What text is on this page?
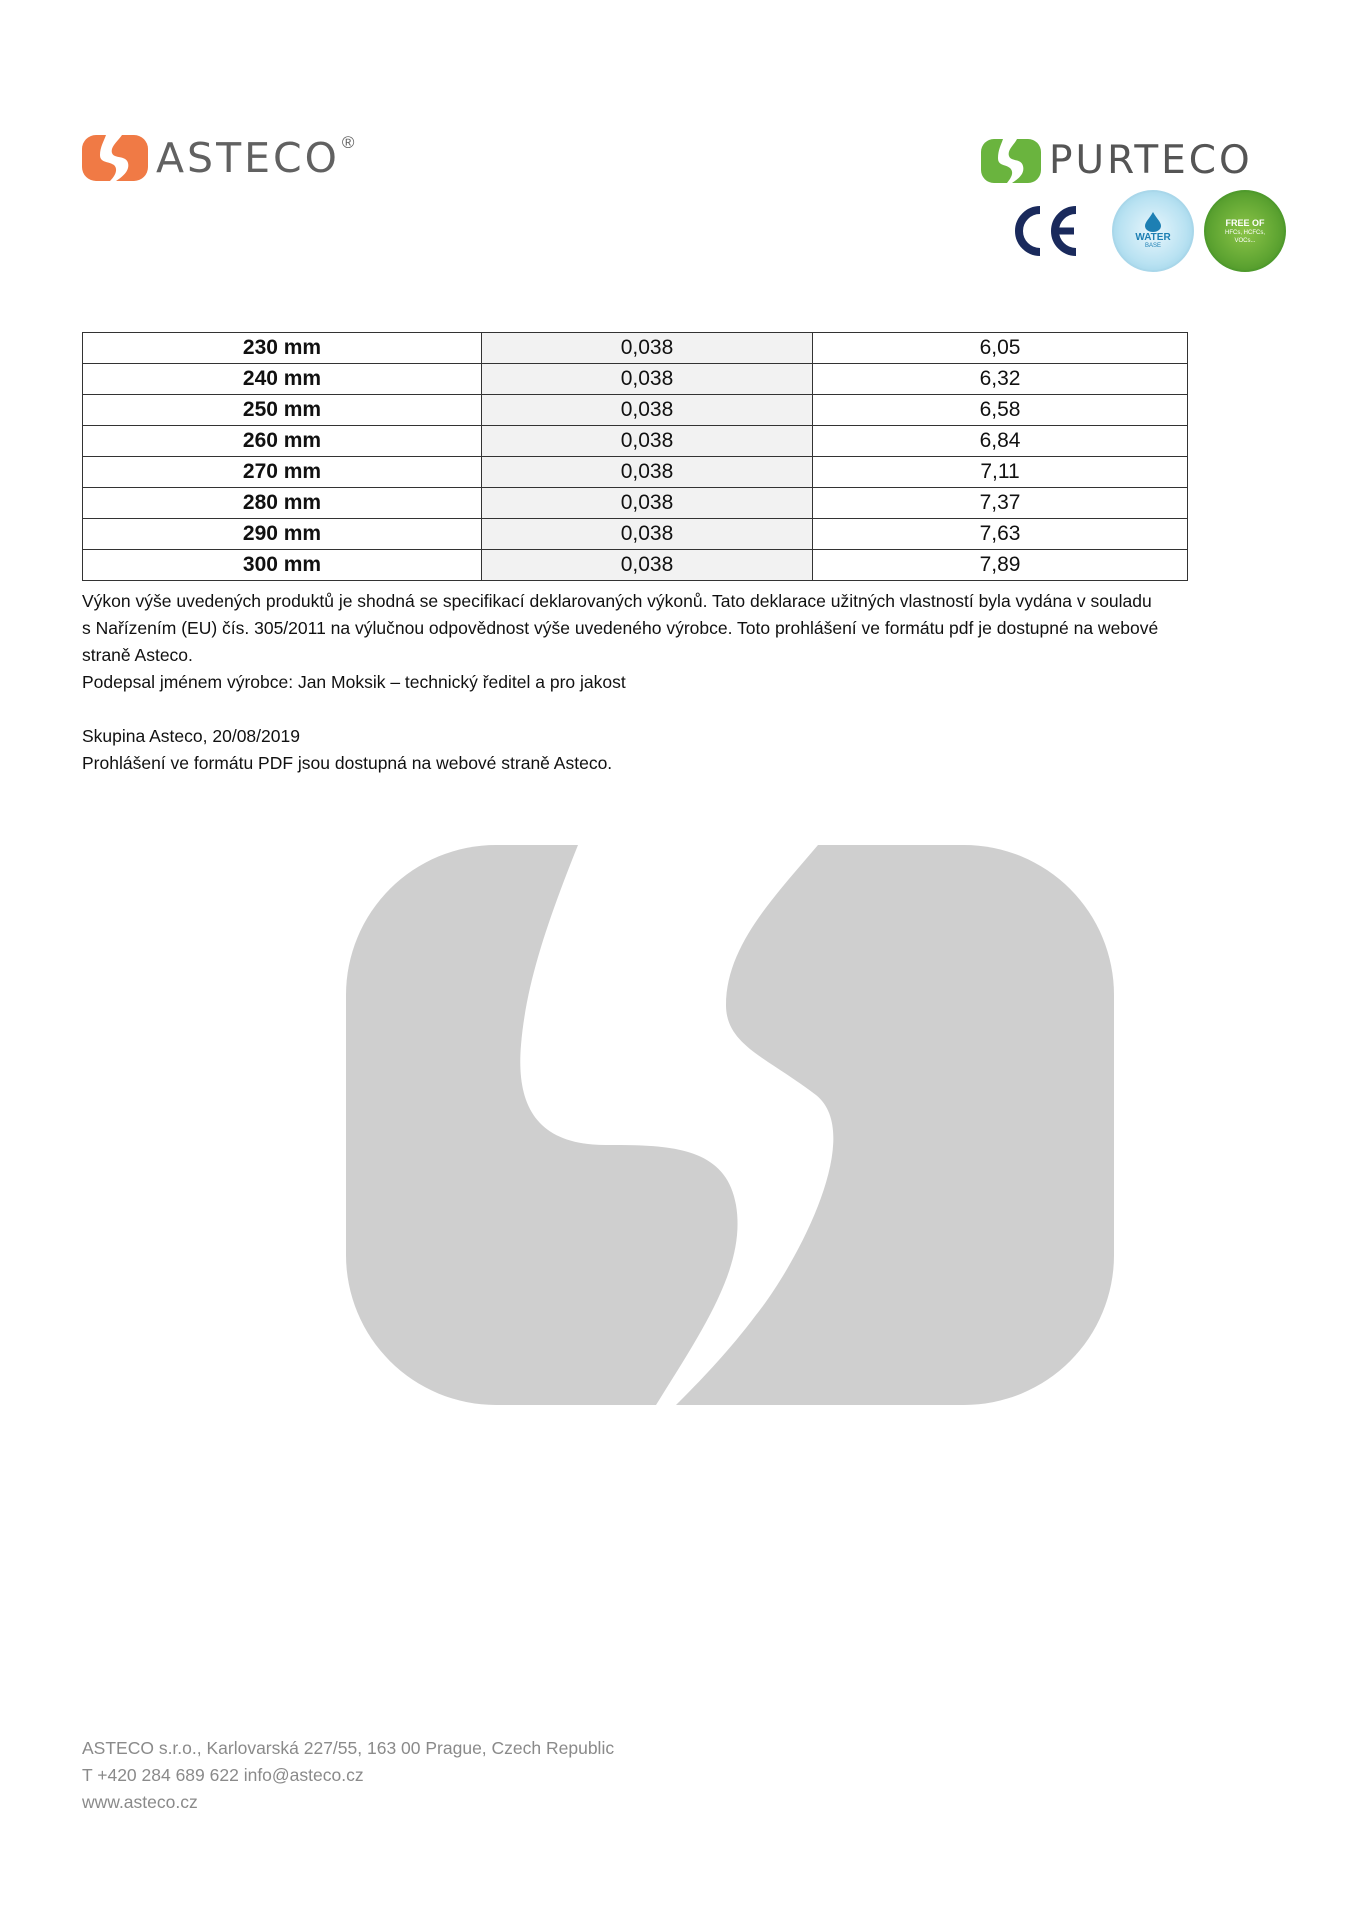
ASTECO ®	PURTECO
WATER
BASE
FREE OF
HFCs, HCFCs,
VOCs...
230 mm	0,038	6,05
240 mm	0,038	6,32
250 mm	0,038	6,58
260 mm	0,038	6,84
270 mm	0,038	7,11
280 mm	0,038	7,37
290 mm	0,038	7,63
300 mm	0,038	7,89

Výkon výše uvedených produktů je shodná se specifikací deklarovaných výkonů. Tato deklarace užitných vlastností byla vydána v souladu

s Nařízením (EU) čís. 305/2011 na výlučnou odpovědnost výše uvedeného výrobce. Toto prohlášení ve formátu pdf je dostupné na webové

straně Asteco.

Podepsal jménem výrobce: Jan Moksik – technický ředitel a pro jakost

Skupina Asteco, 20/08/2019

Prohlášení ve formátu PDF jsou dostupná na webové straně Asteco.

ASTECO s.r.o., Karlovarská 227/55, 163 00 Prague, Czech Republic

T +420 284 689 622 info@asteco.cz

www.asteco.cz
